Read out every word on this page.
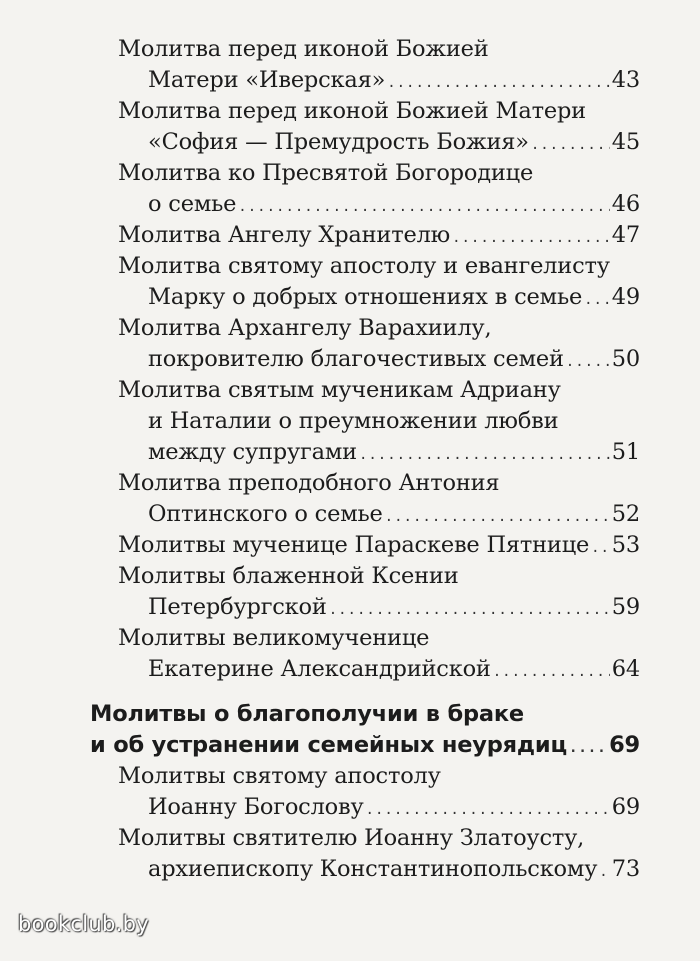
Молитва перед иконой Божией
Матери «Иверская» .....	43
Молитва перед иконой Божией Матери
«София — Премудрость Божия» .....	45
Молитва ко Пресвятой Богородице
о семье .....	46
Молитва Ангелу Хранителю .....	47
Молитва святому апостолу и евангелисту
Марку о добрых отношениях в семье ..... 49
Молитва Архангелу Варахиилу,
покровителю благочестивых семей ..... 50
Молитва святым мученикам Адриану
и Наталии о преумножении любви
между супругами .....	51
Молитва преподобного Антония
Оптинского о семье .....	52
Молитвы мученице Параскеве Пятнице ..... 53
Молитвы блаженной Ксении
Петербургской .....	59
Молитвы великомученице
Екатерине Александрийской .....	64
Молитвы о благополучии в браке
и об устранении семейных неурядиц ..... 69
Молитвы святому апостолу
Иоанну Богослову .....	69
Молитвы святителю Иоанну Златоусту,
архиепископу Константинопольскому ..... 73
bookclub.by
